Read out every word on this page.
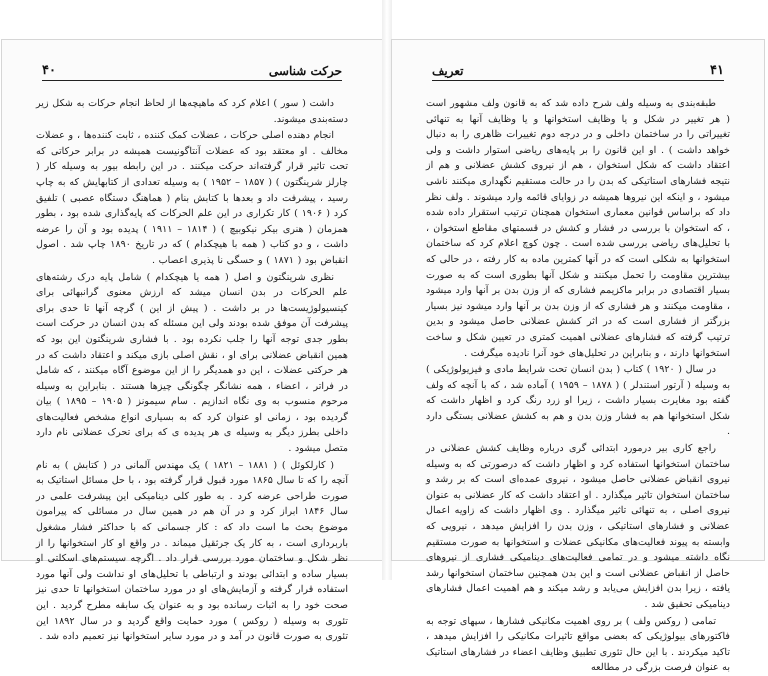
حرکت شناسی
۴۰

داشت ( سور ) اعلام کرد که ماهیچه‌ها از لحاظ انجام حرکات به شکل زیر دسته‌بندی میشوند.

انجام دهنده اصلی حرکات ، عضلات کمک کننده ، ثابت کننده‌ها ، و عضلات مخالف . او معتقد بود که عضلات آنتاگونیست همیشه در برابر حرکاتی که تحت تاثیر قرار گرفته‌اند حرکت میکنند . در این رابطه بیور به وسیله کار ( چارلز شرینگتون ) ( ۱۸۵۷ – ۱۹۵۲ ) به وسیله تعدادی از کتابهایش که به چاپ رسید ، پیشرفت داد و بعدها با کتابش بنام ( هماهنگ دستگاه عصبی ) تلفیق کرد ( ۱۹۰۶ ) کار تکراری در این علم الحرکات که پایه‌گذاری شده بود ، بطور همزمان ( هنری بیکر نیکوبیچ ) ( ۱۸۱۴ – ۱۹۱۱ ) پدیده بود و آن را عرضه داشت ، و دو کتاب ( همه با هیچکدام ) که در تاریخ ۱۸۹۰ چاپ شد . اصول انقباض بود ( ۱۸۷۱ ) و حسگی نا پذیری اعصاب .

نظری شرینگتون و اصل ( همه یا هیچکدام ) شامل پایه درک رشته‌های علم الحرکات در بدن انسان میشد که ارزش معنوی گرانبهائی برای کینسیولوژیست‌ها در بر داشت . ( پیش از این ) گرچه آنها تا حدی برای پیشرفت آن موفق شده بودند ولی این مسئله که بدن انسان در حرکت است بطور جدی توجه آنها را جلب نکرده بود . با فشاری شرینگتون این بود که همین انقباض عضلانی برای او ، نقش اصلی بازی میکند و اعتقاد داشت که در هر حرکتی عضلات ، این دو همدیگر را از این موضوع آگاه میکنند ، که شامل در فراتر ، اعضاء ، همه نشانگر چگونگی چیزها هستند . بنابراین به وسیله مرحوم منسوب به وی نگاه اندازیم . سام سیمونز ( ۱۹۰۵ – ۱۸۹۵ ) بیان گردیده بود ، زمانی او عنوان کرد که به بسیاری انواع مشخص فعالیت‌های داخلی بطرز دیگر به وسیله ی هر پدیده ی که برای تحرک عضلانی نام دارد متصل میشود .

( کارلکوئل ) ( ۱۸۸۱ – ۱۸۲۱ ) یک مهندس آلمانی در ( کتابش ) به نام آنچه را که تا سال ۱۸۶۵ مورد قبول قرار گرفته بود ، با حل مسائل استاتیک به صورت طراحی عرضه کرد . به طور کلی دینامیکی این پیشرفت علمی در سال ۱۸۴۶ ابراز کرد و در آن هم در همین سال در مسائلی که پیرامون موضوع بحث ما است داد که : کار جسمانی که با حداکثر فشار مشغول باربرداری است ، به کار یک جرثقیل میماند . در واقع او کار استخوانها را از نظر شکل و ساختمان مورد بررسی قرار داد . اگرچه سیستم‌های اسکلتی او بسیار ساده و ابتدائی بودند و ارتباطی با تحلیل‌های او نداشت ولی آنها مورد استفاده قرار گرفته و آزمایش‌های او در مورد ساختمان استخوانها تا حدی نیز صحت خود را به اثبات رسانده بود و به عنوان یک سابقه مطرح گردید . این تئوری به وسیله ( روکس ) مورد حمایت واقع گردید و در سال ۱۸۹۲ این تئوری به صورت قانون در آمد و در مورد سایر استخوانها نیز تعمیم داده شد .

۴۱
تعریف

طبقه‌بندی به وسیله ولف شرح داده شد که به قانون ولف مشهور است ( هر تغییر در شکل و یا وظایف استخوانها و یا وظایف آنها به تنهائی تغییراتی را در ساختمان داخلی و در درجه دوم تغییرات ظاهری را به دنبال خواهد داشت ) . او این قانون را بر پایه‌های ریاضی استوار داشت و ولی اعتقاد داشت که شکل استخوان ، هم از نیروی کشش عضلانی و هم از نتیجه فشارهای استاتیکی که بدن را در حالت مستقیم نگهداری میکنند ناشی میشود ، و اینکه این نیروها همیشه در زوایای قائمه وارد میشوند . ولف نظر داد که براساس قوانین معماری استخوان همچنان ترتیب استقرار داده شده ، که استخوان با بررسی در فشار و کشش در قسمتهای مقاطع استخوان ، با تحلیل‌های ریاضی بررسی شده است . چون کوچ اعلام کرد که ساختمان استخوانها به شکلی است که در آنها کمترین ماده به کار رفته ، در حالی که بیشترین مقاومت را تحمل میکنند و شکل آنها بطوری است که به صورت بسیار اقتصادی در برابر ماکزیمم فشاری که از وزن بدن بر آنها وارد میشود ، مقاومت میکنند و هر فشاری که از وزن بدن بر آنها وارد میشود نیز بسیار بزرگتر از فشاری است که در اثر کشش عضلانی حاصل میشود و بدین ترتیب گرفته که فشارهای عضلانی اهمیت کمتری در تعیین شکل و ساخت استخوانها دارند ، و بنابراین در تحلیل‌های خود آنرا نادیده میگرفت .

در سال ( ۱۹۲۰ ) کتاب ( بدن انسان تحت شرایط مادی و فیزیولوژیکی ) به وسیله ( آرتور استندلر ) ( ۱۸۷۸ – ۱۹۵۹ ) آماده شد ، که با آنچه که ولف گفته بود مغایرت بسیار داشت ، زیرا او زرد رنگ کرد و اظهار داشت که شکل استخوانها هم به فشار وزن بدن و هم به کشش عضلانی بستگی دارد .

راجع کاری بیر درمورد ابتدائی گری درباره وظایف کشش عضلانی در ساختمان استخوانها استفاده کرد و اظهار داشت که درصورتی که به وسیله نیروی انقباض عضلانی حاصل میشود ، نیروی عمده‌ای است که بر رشد و ساختمان استخوان تاثیر میگذارد . او اعتقاد داشت که کار عضلانی به عنوان نیروی اصلی ، به تنهائی تاثیر میگذارد . وی اظهار داشت که زاویه اعمال عضلانی و فشارهای استاتیکی ، وزن بدن را افزایش میدهد ، نیرویی که وابسته به پیوند فعالیت‌های مکانیکی عضلات و استخوانها به صورت مستقیم نگاه داشته میشود و در تمامی فعالیت‌های دینامیکی فشاری از نیروهای حاصل از انقباض عضلانی است و این بدن همچنین ساختمان استخوانها رشد یافته ، زیرا بدن افزایش می‌یابد و رشد میکند و هم اهمیت اعمال فشارهای دینامیکی تحقیق شد .

تمامی ( روکس ولف ) بر روی اهمیت مکانیکی فشارها ، سپهای توجه به فاکتورهای بیولوژیکی که بعضی مواقع تاثیرات مکانیکی را افزایش میدهد ، تاکید میکردند . با این حال تئوری تطبیق وظایف اعضاء در فشارهای استاتیک به عنوان فرصت بزرگی در مطالعه
